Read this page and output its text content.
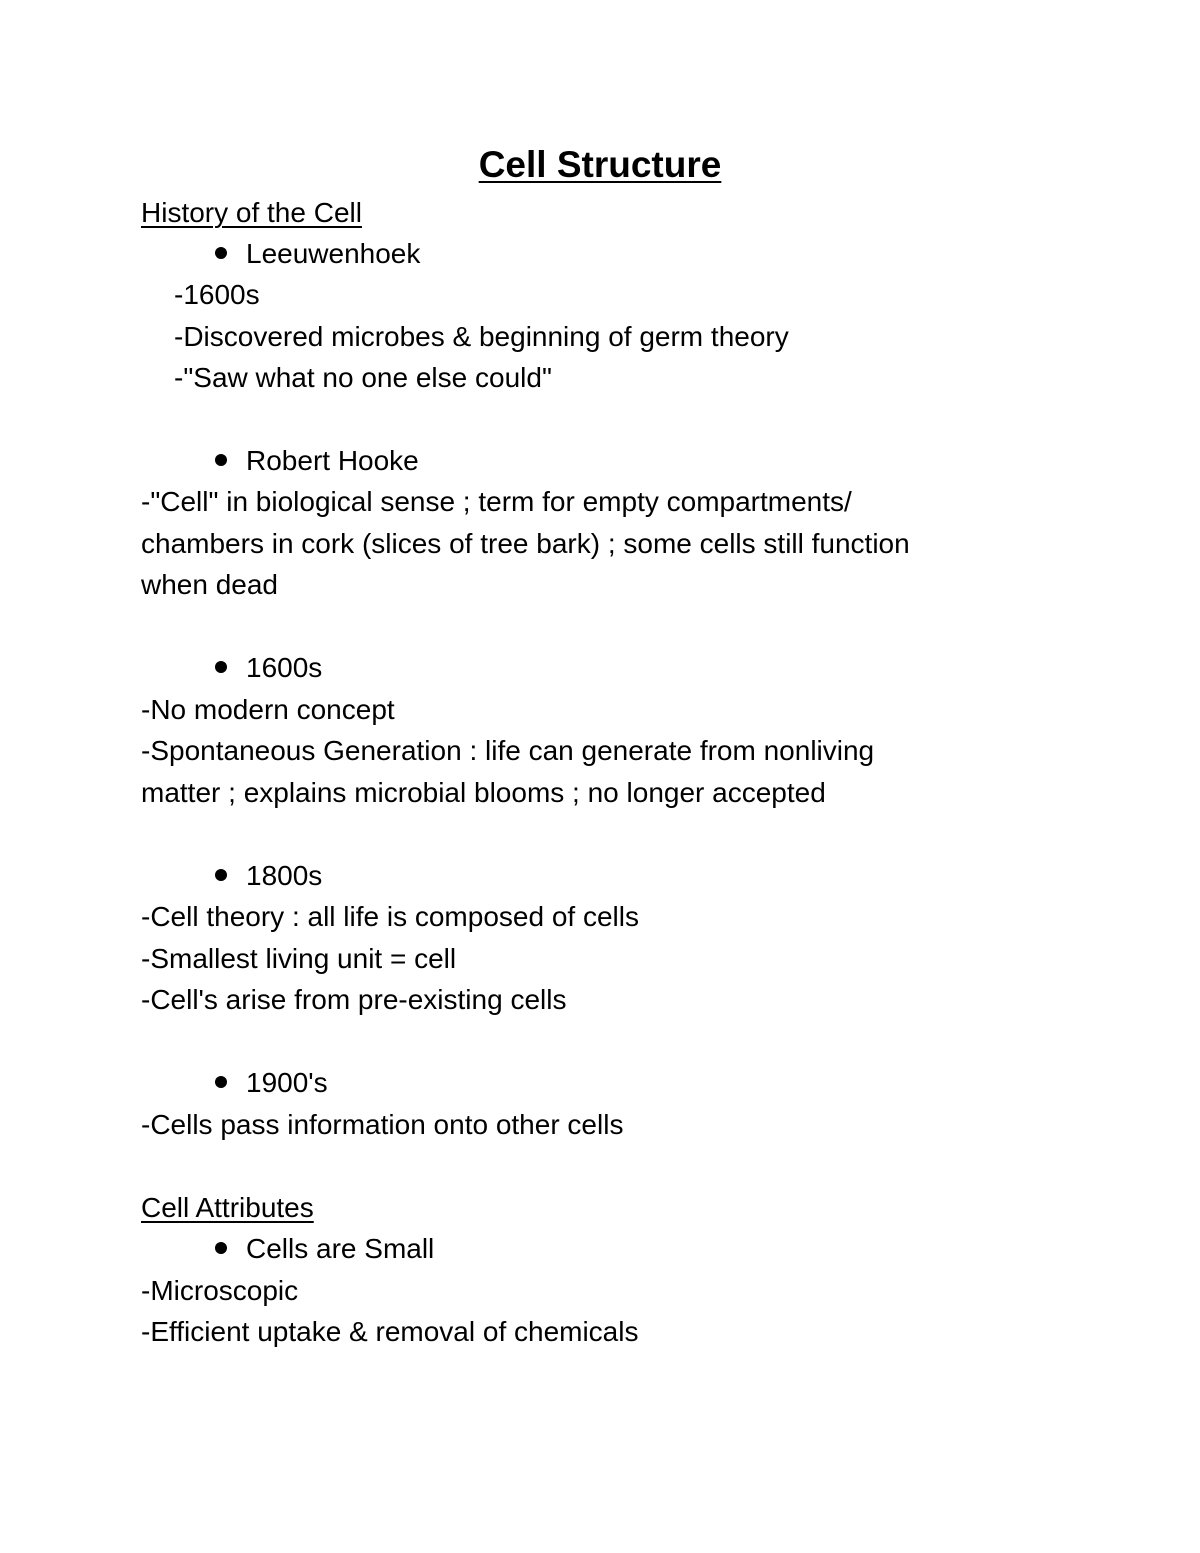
Cell Structure
History of the Cell
Leeuwenhoek
-1600s
-Discovered microbes & beginning of germ theory
-"Saw what no one else could"
Robert Hooke
-"Cell" in biological sense ; term for empty compartments/
chambers in cork (slices of tree bark) ; some cells still function
when dead
1600s
-No modern concept
-Spontaneous Generation : life can generate from nonliving
matter ; explains microbial blooms ; no longer accepted
1800s
-Cell theory : all life is composed of cells
-Smallest living unit = cell
-Cell's arise from pre-existing cells
1900's
-Cells pass information onto other cells
Cell Attributes
Cells are Small
-Microscopic
-Efficient uptake & removal of chemicals
